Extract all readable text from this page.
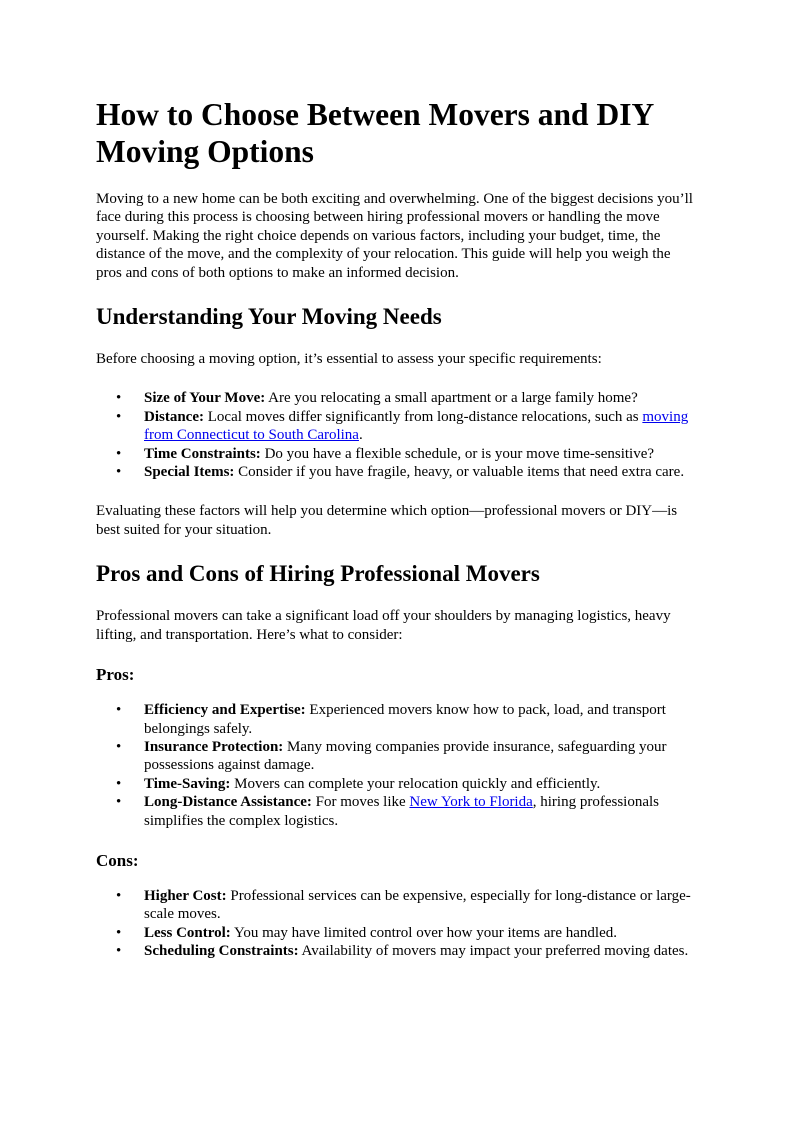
How to Choose Between Movers and DIY Moving Options

Moving to a new home can be both exciting and overwhelming. One of the biggest decisions you’ll face during this process is choosing between hiring professional movers or handling the move yourself. Making the right choice depends on various factors, including your budget, time, the distance of the move, and the complexity of your relocation. This guide will help you weigh the pros and cons of both options to make an informed decision.

Understanding Your Moving Needs

Before choosing a moving option, it’s essential to assess your specific requirements:

• Size of Your Move: Are you relocating a small apartment or a large family home?
• Distance: Local moves differ significantly from long-distance relocations, such as moving from Connecticut to South Carolina.
• Time Constraints: Do you have a flexible schedule, or is your move time-sensitive?
• Special Items: Consider if you have fragile, heavy, or valuable items that need extra care.

Evaluating these factors will help you determine which option—professional movers or DIY—is best suited for your situation.

Pros and Cons of Hiring Professional Movers

Professional movers can take a significant load off your shoulders by managing logistics, heavy lifting, and transportation. Here’s what to consider:

Pros:
• Efficiency and Expertise: Experienced movers know how to pack, load, and transport belongings safely.
• Insurance Protection: Many moving companies provide insurance, safeguarding your possessions against damage.
• Time-Saving: Movers can complete your relocation quickly and efficiently.
• Long-Distance Assistance: For moves like New York to Florida, hiring professionals simplifies the complex logistics.
Cons:
• Higher Cost: Professional services can be expensive, especially for long-distance or large-scale moves.
• Less Control: You may have limited control over how your items are handled.
• Scheduling Constraints: Availability of movers may impact your preferred moving dates.
